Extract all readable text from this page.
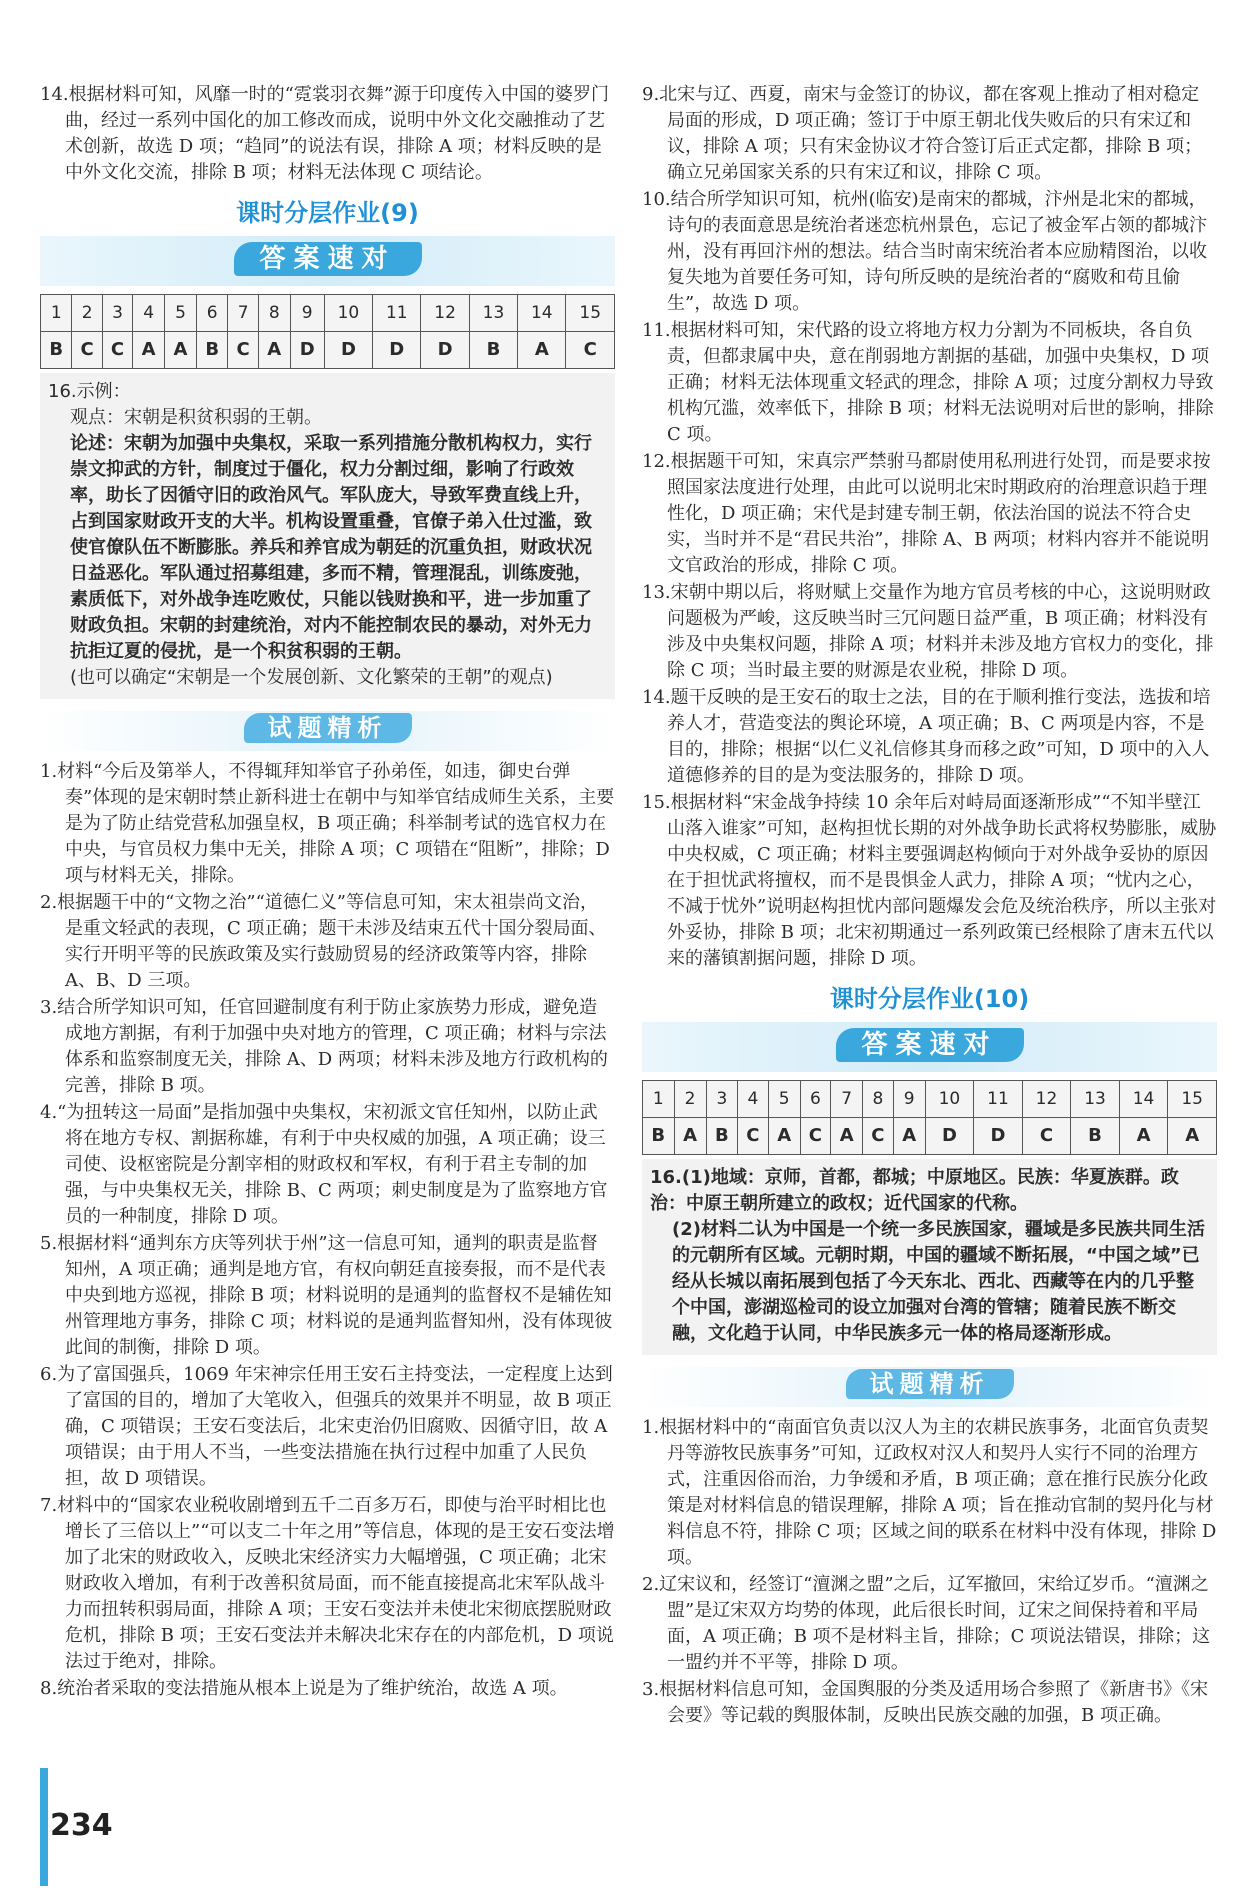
234
14.根据材料可知，风靡一时的“霓裳羽衣舞”源于印度传入中国的婆罗门曲，经过一系列中国化的加工修改而成，说明中外文化交融推动了艺术创新，故选 D 项；“趋同”的说法有误，排除 A 项；材料反映的是中外文化交流，排除 B 项；材料无法体现 C 项结论。
课时分层作业(9)
答案速对
1	2	3	4	5	6	7	8	9	10	11	12	13	14	15
B	C	C	A	A	B	C	A	D	D	D	D	B	A	C
16.示例：
观点：宋朝是积贫积弱的王朝。
论述：宋朝为加强中央集权，采取一系列措施分散机构权力，实行崇文抑武的方针，制度过于僵化，权力分割过细，影响了行政效率，助长了因循守旧的政治风气。军队庞大，导致军费直线上升，占到国家财政开支的大半。机构设置重叠，官僚子弟入仕过滥，致使官僚队伍不断膨胀。养兵和养官成为朝廷的沉重负担，财政状况日益恶化。军队通过招募组建，多而不精，管理混乱，训练废弛，素质低下，对外战争连吃败仗，只能以钱财换和平，进一步加重了财政负担。宋朝的封建统治，对内不能控制农民的暴动，对外无力抗拒辽夏的侵扰，是一个积贫积弱的王朝。
(也可以确定“宋朝是一个发展创新、文化繁荣的王朝”的观点)
试题精析
1.材料“今后及第举人，不得辄拜知举官子孙弟侄，如违，御史台弹奏”体现的是宋朝时禁止新科进士在朝中与知举官结成师生关系，主要是为了防止结党营私加强皇权，B 项正确；科举制考试的选官权力在中央，与官员权力集中无关，排除 A 项；C 项错在“阻断”，排除；D 项与材料无关，排除。
2.根据题干中的“文物之治”“道德仁义”等信息可知，宋太祖崇尚文治，是重文轻武的表现，C 项正确；题干未涉及结束五代十国分裂局面、实行开明平等的民族政策及实行鼓励贸易的经济政策等内容，排除 A、B、D 三项。
3.结合所学知识可知，任官回避制度有利于防止家族势力形成，避免造成地方割据，有利于加强中央对地方的管理，C 项正确；材料与宗法体系和监察制度无关，排除 A、D 两项；材料未涉及地方行政机构的完善，排除 B 项。
4.“为扭转这一局面”是指加强中央集权，宋初派文官任知州，以防止武将在地方专权、割据称雄，有利于中央权威的加强，A 项正确；设三司使、设枢密院是分割宰相的财政权和军权，有利于君主专制的加强，与中央集权无关，排除 B、C 两项；刺史制度是为了监察地方官员的一种制度，排除 D 项。
5.根据材料“通判东方庆等列状于州”这一信息可知，通判的职责是监督知州，A 项正确；通判是地方官，有权向朝廷直接奏报，而不是代表中央到地方巡视，排除 B 项；材料说明的是通判的监督权不是辅佐知州管理地方事务，排除 C 项；材料说的是通判监督知州，没有体现彼此间的制衡，排除 D 项。
6.为了富国强兵，1069 年宋神宗任用王安石主持变法，一定程度上达到了富国的目的，增加了大笔收入，但强兵的效果并不明显，故 B 项正确，C 项错误；王安石变法后，北宋吏治仍旧腐败、因循守旧，故 A 项错误；由于用人不当，一些变法措施在执行过程中加重了人民负担，故 D 项错误。
7.材料中的“国家农业税收剧增到五千二百多万石，即使与治平时相比也增长了三倍以上”“可以支二十年之用”等信息，体现的是王安石变法增加了北宋的财政收入，反映北宋经济实力大幅增强，C 项正确；北宋财政收入增加，有利于改善积贫局面，而不能直接提高北宋军队战斗力而扭转积弱局面，排除 A 项；王安石变法并未使北宋彻底摆脱财政危机，排除 B 项；王安石变法并未解决北宋存在的内部危机，D 项说法过于绝对，排除。
8.统治者采取的变法措施从根本上说是为了维护统治，故选 A 项。
9.北宋与辽、西夏，南宋与金签订的协议，都在客观上推动了相对稳定局面的形成，D 项正确；签订于中原王朝北伐失败后的只有宋辽和议，排除 A 项；只有宋金协议才符合签订后正式定都，排除 B 项；确立兄弟国家关系的只有宋辽和议，排除 C 项。
10.结合所学知识可知，杭州(临安)是南宋的都城，汴州是北宋的都城，诗句的表面意思是统治者迷恋杭州景色，忘记了被金军占领的都城汴州，没有再回汴州的想法。结合当时南宋统治者本应励精图治，以收复失地为首要任务可知，诗句所反映的是统治者的“腐败和苟且偷生”，故选 D 项。
11.根据材料可知，宋代路的设立将地方权力分割为不同板块，各自负责，但都隶属中央，意在削弱地方割据的基础，加强中央集权，D 项正确；材料无法体现重文轻武的理念，排除 A 项；过度分割权力导致机构冗滥，效率低下，排除 B 项；材料无法说明对后世的影响，排除 C 项。
12.根据题干可知，宋真宗严禁驸马都尉使用私刑进行处罚，而是要求按照国家法度进行处理，由此可以说明北宋时期政府的治理意识趋于理性化，D 项正确；宋代是封建专制王朝，依法治国的说法不符合史实，当时并不是“君民共治”，排除 A、B 两项；材料内容并不能说明文官政治的形成，排除 C 项。
13.宋朝中期以后，将财赋上交量作为地方官员考核的中心，这说明财政问题极为严峻，这反映当时三冗问题日益严重，B 项正确；材料没有涉及中央集权问题，排除 A 项；材料并未涉及地方官权力的变化，排除 C 项；当时最主要的财源是农业税，排除 D 项。
14.题干反映的是王安石的取士之法，目的在于顺利推行变法，选拔和培养人才，营造变法的舆论环境，A 项正确；B、C 两项是内容，不是目的，排除；根据“以仁义礼信修其身而移之政”可知，D 项中的入人道德修养的目的是为变法服务的，排除 D 项。
15.根据材料“宋金战争持续 10 余年后对峙局面逐渐形成”“不知半壁江山落入谁家”可知，赵构担忧长期的对外战争助长武将权势膨胀，威胁中央权威，C 项正确；材料主要强调赵构倾向于对外战争妥协的原因在于担忧武将擅权，而不是畏惧金人武力，排除 A 项；“忧内之心，不减于忧外”说明赵构担忧内部问题爆发会危及统治秩序，所以主张对外妥协，排除 B 项；北宋初期通过一系列政策已经根除了唐末五代以来的藩镇割据问题，排除 D 项。
课时分层作业(10)
答案速对
1	2	3	4	5	6	7	8	9	10	11	12	13	14	15
B	A	B	C	A	C	A	C	A	D	D	C	B	A	A
16.(1)地域：京师，首都，都城；中原地区。民族：华夏族群。政治：中原王朝所建立的政权；近代国家的代称。
(2)材料二认为中国是一个统一多民族国家，疆域是多民族共同生活的元朝所有区域。元朝时期，中国的疆域不断拓展，“中国之域”已经从长城以南拓展到包括了今天东北、西北、西藏等在内的几乎整个中国，澎湖巡检司的设立加强对台湾的管辖；随着民族不断交融，文化趋于认同，中华民族多元一体的格局逐渐形成。
试题精析
1.根据材料中的“南面官负责以汉人为主的农耕民族事务，北面官负责契丹等游牧民族事务”可知，辽政权对汉人和契丹人实行不同的治理方式，注重因俗而治，力争缓和矛盾，B 项正确；意在推行民族分化政策是对材料信息的错误理解，排除 A 项；旨在推动官制的契丹化与材料信息不符，排除 C 项；区域之间的联系在材料中没有体现，排除 D 项。
2.辽宋议和，经签订“澶渊之盟”之后，辽军撤回，宋给辽岁币。“澶渊之盟”是辽宋双方均势的体现，此后很长时间，辽宋之间保持着和平局面，A 项正确；B 项不是材料主旨，排除；C 项说法错误，排除；这一盟约并不平等，排除 D 项。
3.根据材料信息可知，金国舆服的分类及适用场合参照了《新唐书》《宋会要》等记载的舆服体制，反映出民族交融的加强，B 项正确。
